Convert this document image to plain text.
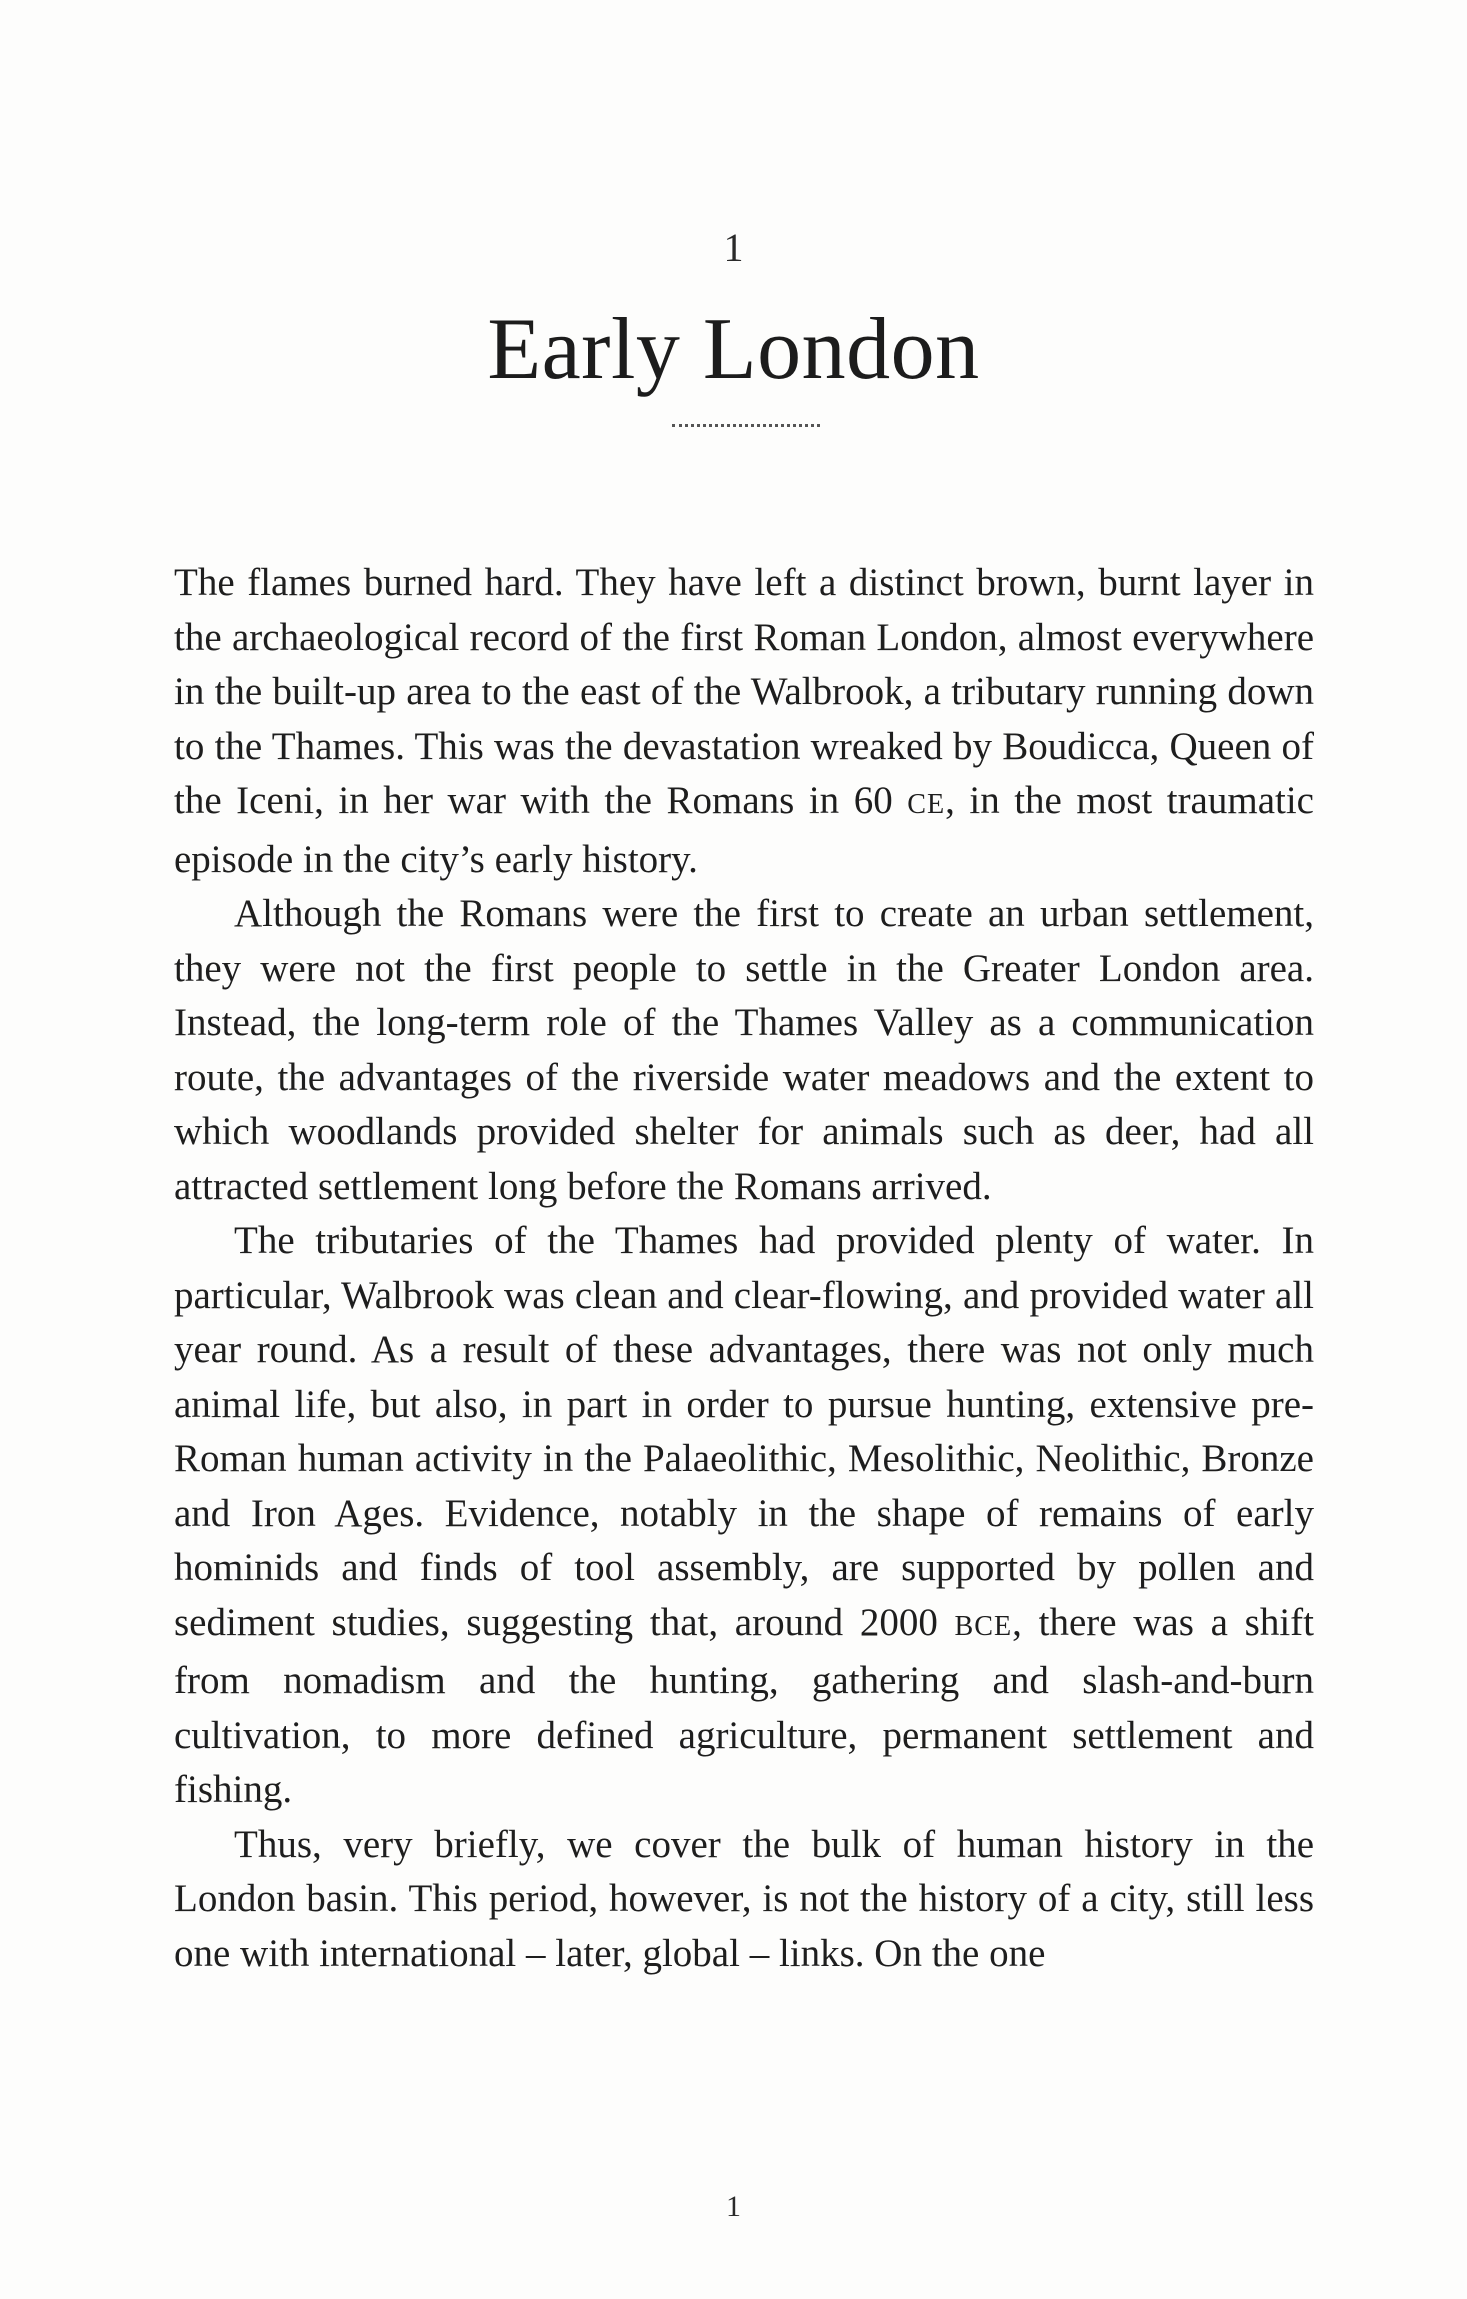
1
Early London

The flames burned hard. They have left a distinct brown, burnt layer in the archaeological record of the first Roman London, almost everywhere in the built-up area to the east of the Walbrook, a tributary running down to the Thames. This was the devastation wreaked by Boudicca, Queen of the Iceni, in her war with the Romans in 60 CE, in the most traumatic episode in the city’s early history.

Although the Romans were the first to create an urban settlement, they were not the first people to settle in the Greater London area. Instead, the long-term role of the Thames Valley as a communication route, the advantages of the riverside water meadows and the extent to which woodlands provided shelter for animals such as deer, had all attracted settlement long before the Romans arrived.

The tributaries of the Thames had provided plenty of water. In particular, Walbrook was clean and clear-flowing, and provided water all year round. As a result of these advantages, there was not only much animal life, but also, in part in order to pursue hunting, extensive pre-Roman human activity in the Palaeolithic, Mesolithic, Neolithic, Bronze and Iron Ages. Evidence, notably in the shape of remains of early hominids and finds of tool assembly, are supported by pollen and sediment studies, suggesting that, around 2000 BCE, there was a shift from nomadism and the hunting, gathering and slash-and-burn cultivation, to more defined agriculture, permanent settlement and fishing.

Thus, very briefly, we cover the bulk of human history in the London basin. This period, however, is not the history of a city, still less one with international – later, global – links. On the one

1
